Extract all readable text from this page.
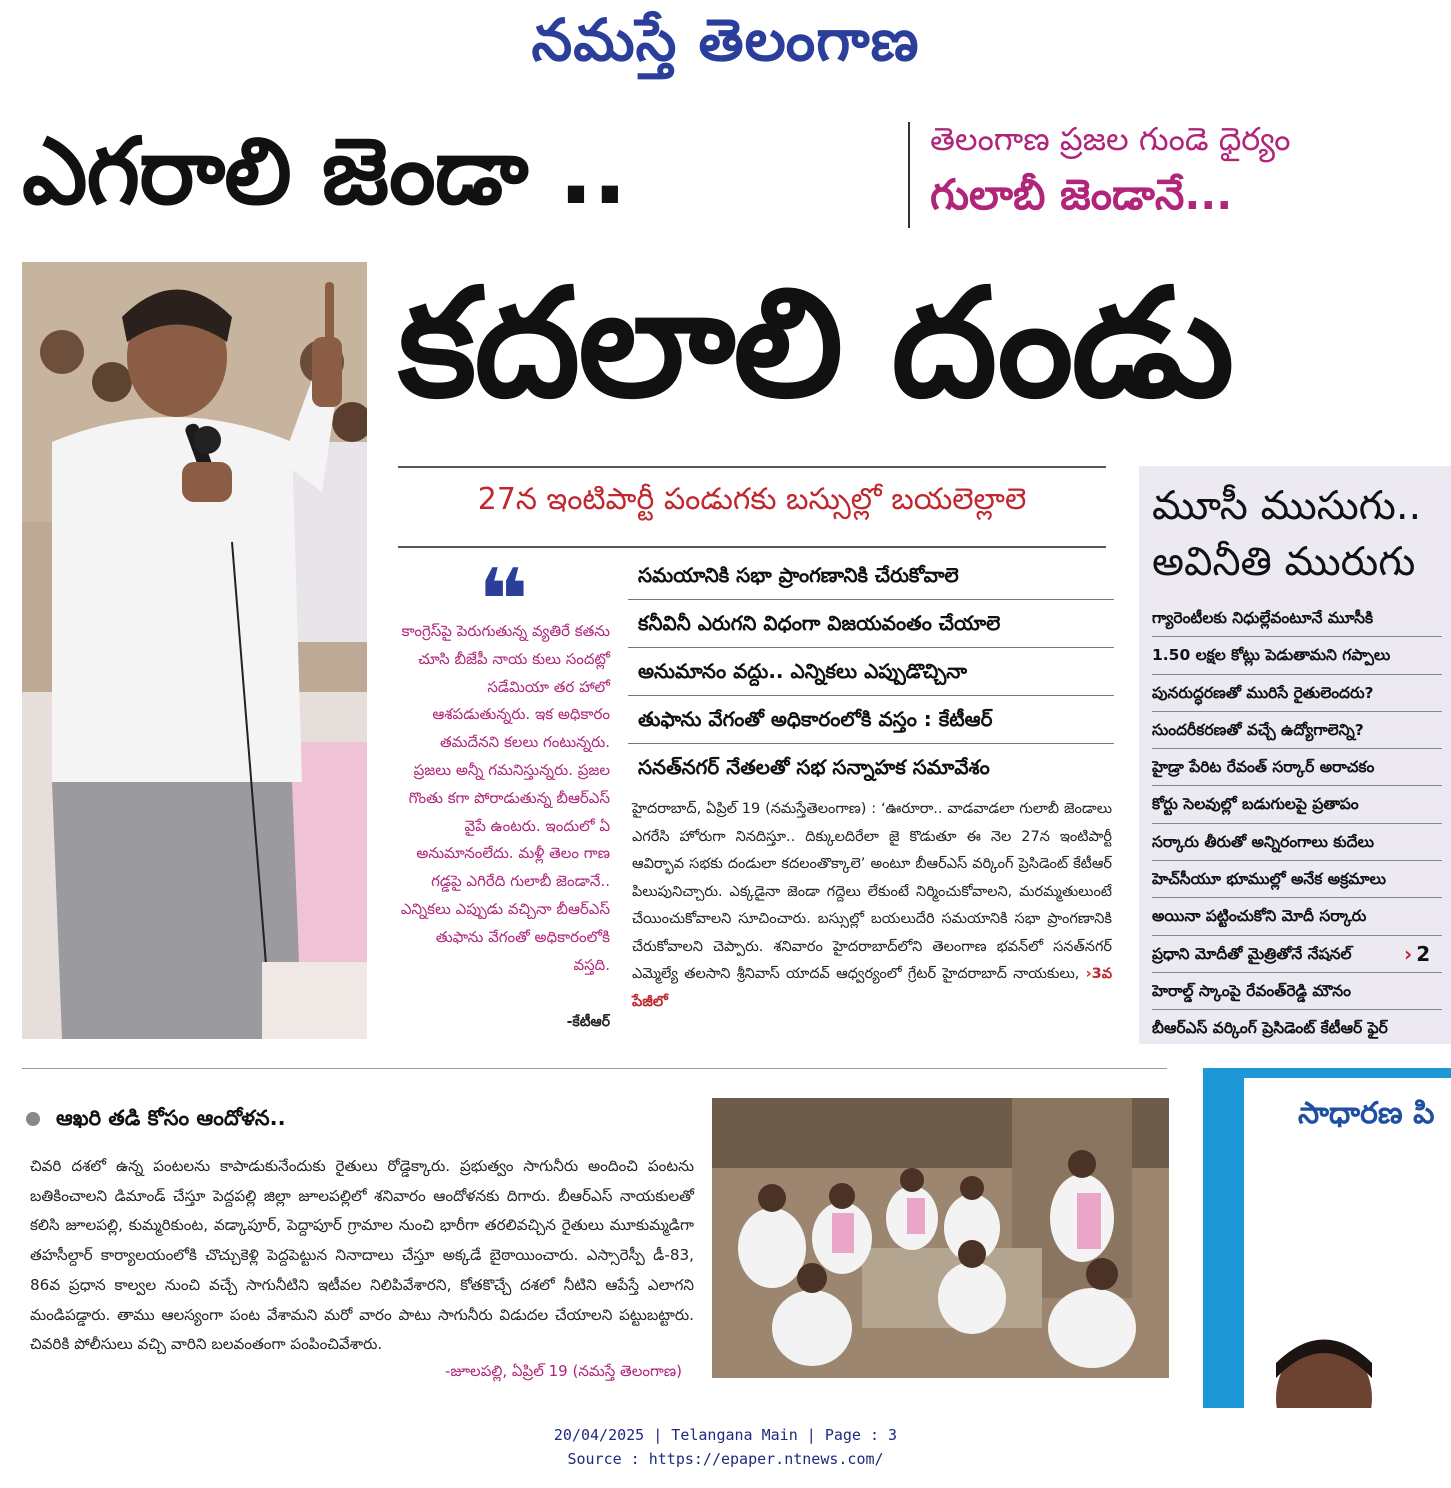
నమస్తే తెలంగాణ
ఎగరాలి జెండా ..	తెలంగాణ ప్రజల గుండె ధైర్యం
గులాబీ జెండానే...
కదలాలి దండు
27న ఇంటిపార్టీ పండుగకు బస్సుల్లో బయలెల్లాలె
❝
కాంగ్రెస్‌పై పెరుగుతున్న వ్యతిరే కతను చూసి బీజేపీ నాయ కులు సందట్లో సడేమియా తర హాలో ఆశపడుతున్నరు. ఇక అధికారం తమదేనని కలలు గంటున్నరు. ప్రజలు అన్నీ గమనిస్తున్నరు. ప్రజల గొంతు కగా పోరాడుతున్న బీఆర్‌ఎస్‌ వైపే ఉంటరు. ఇందులో ఏ అనుమానంలేదు. మళ్లీ తెలం గాణ గడ్డపై ఎగిరేది గులాబీ జెండానే.. ఎన్నికలు ఎప్పుడు వచ్చినా బీఆర్‌ఎస్‌ తుఫాను వేగంతో అధికారంలోకి వస్తది.
-కేటీఆర్‌
సమయానికి సభా ప్రాంగణానికి చేరుకోవాలె
కనీవినీ ఎరుగని విధంగా విజయవంతం చేయాలె
అనుమానం వద్దు.. ఎన్నికలు ఎప్పుడొచ్చినా
తుఫాను వేగంతో అధికారంలోకి వస్తం : కేటీఆర్‌
సనత్‌నగర్‌ నేతలతో సభ సన్నాహక సమావేశం
హైదరాబాద్‌, ఏప్రిల్‌ 19 (నమస్తేతెలంగాణ) : ‘ఊరూరా.. వాడవాడలా గులాబీ జెండాలు ఎగరేసి హోరుగా నినదిస్తూ.. దిక్కులదిరేలా జై కొడుతూ ఈ నెల 27న ఇంటిపార్టీ ఆవిర్భావ సభకు దండులా కదలంతొక్కాలె’ అంటూ బీఆర్‌ఎస్‌ వర్కింగ్‌ ప్రెసిడెంట్‌ కేటీఆర్‌ పిలుపునిచ్చారు. ఎక్కడైనా జెండా గద్దెలు లేకుంటే నిర్మించుకోవాలని, మరమ్మతులుంటే చేయించుకోవాలని సూచించారు. బస్సుల్లో బయలుదేరి సమయానికి సభా ప్రాంగణానికి చేరుకోవాలని చెప్పారు. శనివారం హైదరాబాద్‌లోని తెలంగాణ భవన్‌లో సనత్‌నగర్‌ ఎమ్మెల్యే తలసాని శ్రీనివాస్‌ యాదవ్‌ ఆధ్వర్యంలో గ్రేటర్‌ హైదరాబాద్‌ నాయకులు, ›3వ పేజీలో
మూసీ ముసుగు..
అవినీతి మురుగు
గ్యారెంటీలకు నిధుల్లేవంటూనే మూసీకి
1.50 లక్షల కోట్లు పెడుతామని గప్పాలు
పునరుద్ధరణతో మురిసే రైతులెందరు?
సుందరీకరణతో వచ్చే ఉద్యోగాలెన్ని?
హైడ్రా పేరిట రేవంత్‌ సర్కార్‌ అరాచకం
కోర్టు సెలవుల్లో బడుగులపై ప్రతాపం
సర్కారు తీరుతో అన్నిరంగాలు కుదేలు
హెచ్‌సీయూ భూముల్లో అనేక అక్రమాలు
అయినా పట్టించుకోని మోదీ సర్కారు
ప్రధాని మోదీతో మైత్రితోనే నేషనల్‌
హెరాల్డ్‌ స్కాంపై రేవంత్‌రెడ్డి మౌనం
బీఆర్‌ఎస్‌ వర్కింగ్‌ ప్రెసిడెంట్‌ కేటీఆర్‌ ఫైర్‌
› 2
ఆఖరి తడి కోసం ఆందోళన..
చివరి దశలో ఉన్న పంటలను కాపాడుకునేందుకు రైతులు రోడ్డెక్కారు. ప్రభుత్వం సాగునీరు అందించి పంటను బతికించాలని డిమాండ్‌ చేస్తూ పెద్దపల్లి జిల్లా జూలపల్లిలో శనివారం ఆందోళనకు దిగారు. బీఆర్‌ఎస్‌ నాయకులతో కలిసి జూలపల్లి, కుమ్మరికుంట, వడ్కాపూర్‌, పెద్దాపూర్‌ గ్రామాల నుంచి భారీగా తరలివచ్చిన రైతులు మూకుమ్మడిగా తహసీల్దార్‌ కార్యాలయంలోకి చొచ్చుకెళ్లి పెద్దపెట్టున నినాదాలు చేస్తూ అక్కడే బైఠాయించారు. ఎస్సారెస్పీ డీ-83, 86వ ప్రధాన కాల్వల నుంచి వచ్చే సాగునీటిని ఇటీవల నిలిపివేశారని, కోతకొచ్చే దశలో నీటిని ఆపేస్తే ఎలాగని మండిపడ్డారు. తాము ఆలస్యంగా పంట వేశామని మరో వారం పాటు సాగునీరు విడుదల చేయాలని పట్టుబట్టారు. చివరికి పోలీసులు వచ్చి వారిని బలవంతంగా పంపించివేశారు.
-జూలపల్లి, ఏప్రిల్‌ 19 (నమస్తే తెలంగాణ)
సాధారణ పి
20/04/2025 | Telangana Main | Page : 3
Source : https://epaper.ntnews.com/
